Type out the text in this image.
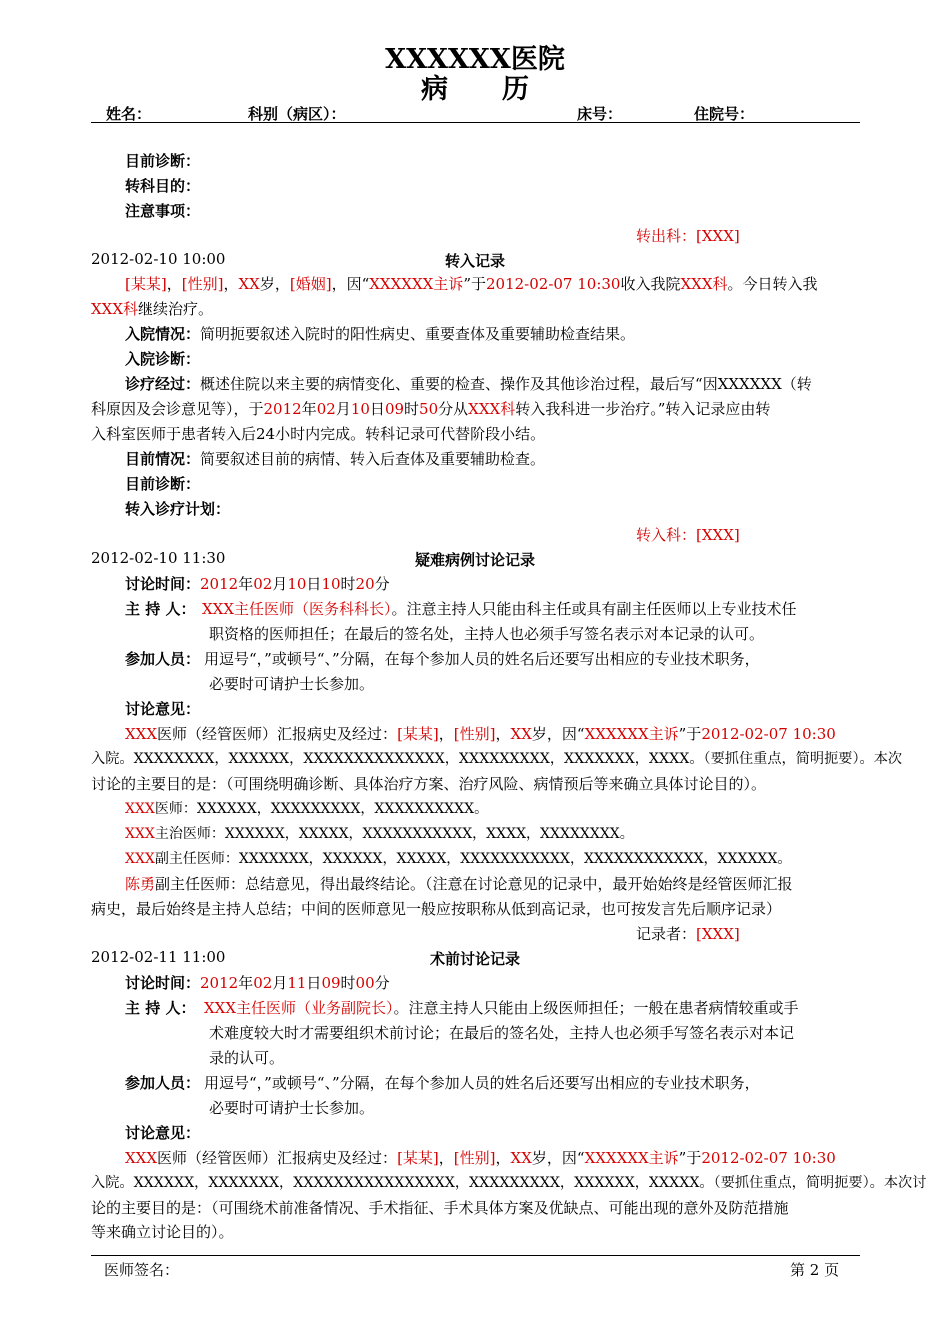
XXXXXX医院
病　　历
姓名：	科别（病区）：	床号：	住院号：
目前诊断：
转科目的：
注意事项：
转出科：[XXX]
2012-02-10 10:00	转入记录
[某某]，[性别]，XX岁，[婚姻]，因“XXXXXX主诉”于2012-02-07 10:30收入我院XXX科。今日转入我
XXX科继续治疗。
入院情况：简明扼要叙述入院时的阳性病史、重要查体及重要辅助检查结果。
入院诊断：
诊疗经过：概述住院以来主要的病情变化、重要的检查、操作及其他诊治过程，最后写“因XXXXXX（转
科原因及会诊意见等），于2012年02月10日09时50分从XXX科转入我科进一步治疗。”转入记录应由转
入科室医师于患者转入后24小时内完成。转科记录可代替阶段小结。
目前情况：简要叙述目前的病情、转入后查体及重要辅助检查。
目前诊断：
转入诊疗计划：
转入科：[XXX]
2012-02-10 11:30	疑难病例讨论记录
讨论时间：2012年02月10日10时20分
主 持 人： XXX主任医师（医务科科长）。注意主持人只能由科主任或具有副主任医师以上专业技术任
职资格的医师担任；在最后的签名处，主持人也必须手写签名表示对本记录的认可。
参加人员： 用逗号“，”或顿号“、”分隔，在每个参加人员的姓名后还要写出相应的专业技术职务，
必要时可请护士长参加。
讨论意见：
XXX医师（经管医师）汇报病史及经过：[某某]，[性别]，XX岁，因“XXXXXX主诉”于2012-02-07 10:30
入院。XXXXXXXX，XXXXXX，XXXXXXXXXXXXXX，XXXXXXXXX，XXXXXXX，XXXX。（要抓住重点，简明扼要）。本次
讨论的主要目的是：（可围绕明确诊断、具体治疗方案、治疗风险、病情预后等来确立具体讨论目的）。
XXX医师：XXXXXX，XXXXXXXXX，XXXXXXXXXX。
XXX主治医师：XXXXXX，XXXXX，XXXXXXXXXXX，XXXX，XXXXXXXX。
XXX副主任医师：XXXXXXX，XXXXXX，XXXXX，XXXXXXXXXXX，XXXXXXXXXXXX，XXXXXX。
陈勇副主任医师：总结意见，得出最终结论。（注意在讨论意见的记录中，最开始始终是经管医师汇报
病史，最后始终是主持人总结；中间的医师意见一般应按职称从低到高记录，也可按发言先后顺序记录）
记录者：[XXX]
2012-02-11 11:00	术前讨论记录
讨论时间：2012年02月11日09时00分
主 持 人： XXX主任医师（业务副院长）。注意主持人只能由上级医师担任；一般在患者病情较重或手
术难度较大时才需要组织术前讨论；在最后的签名处，主持人也必须手写签名表示对本记
录的认可。
参加人员： 用逗号“，”或顿号“、”分隔，在每个参加人员的姓名后还要写出相应的专业技术职务，
必要时可请护士长参加。
讨论意见：
XXX医师（经管医师）汇报病史及经过：[某某]，[性别]，XX岁，因“XXXXXX主诉”于2012-02-07 10:30
入院。XXXXXX，XXXXXXX，XXXXXXXXXXXXXXXX，XXXXXXXXX，XXXXXX，XXXXX。（要抓住重点，简明扼要）。本次讨
论的主要目的是：（可围绕术前准备情况、手术指征、手术具体方案及优缺点、可能出现的意外及防范措施
等来确立讨论目的）。
医师签名：	第 2 页
